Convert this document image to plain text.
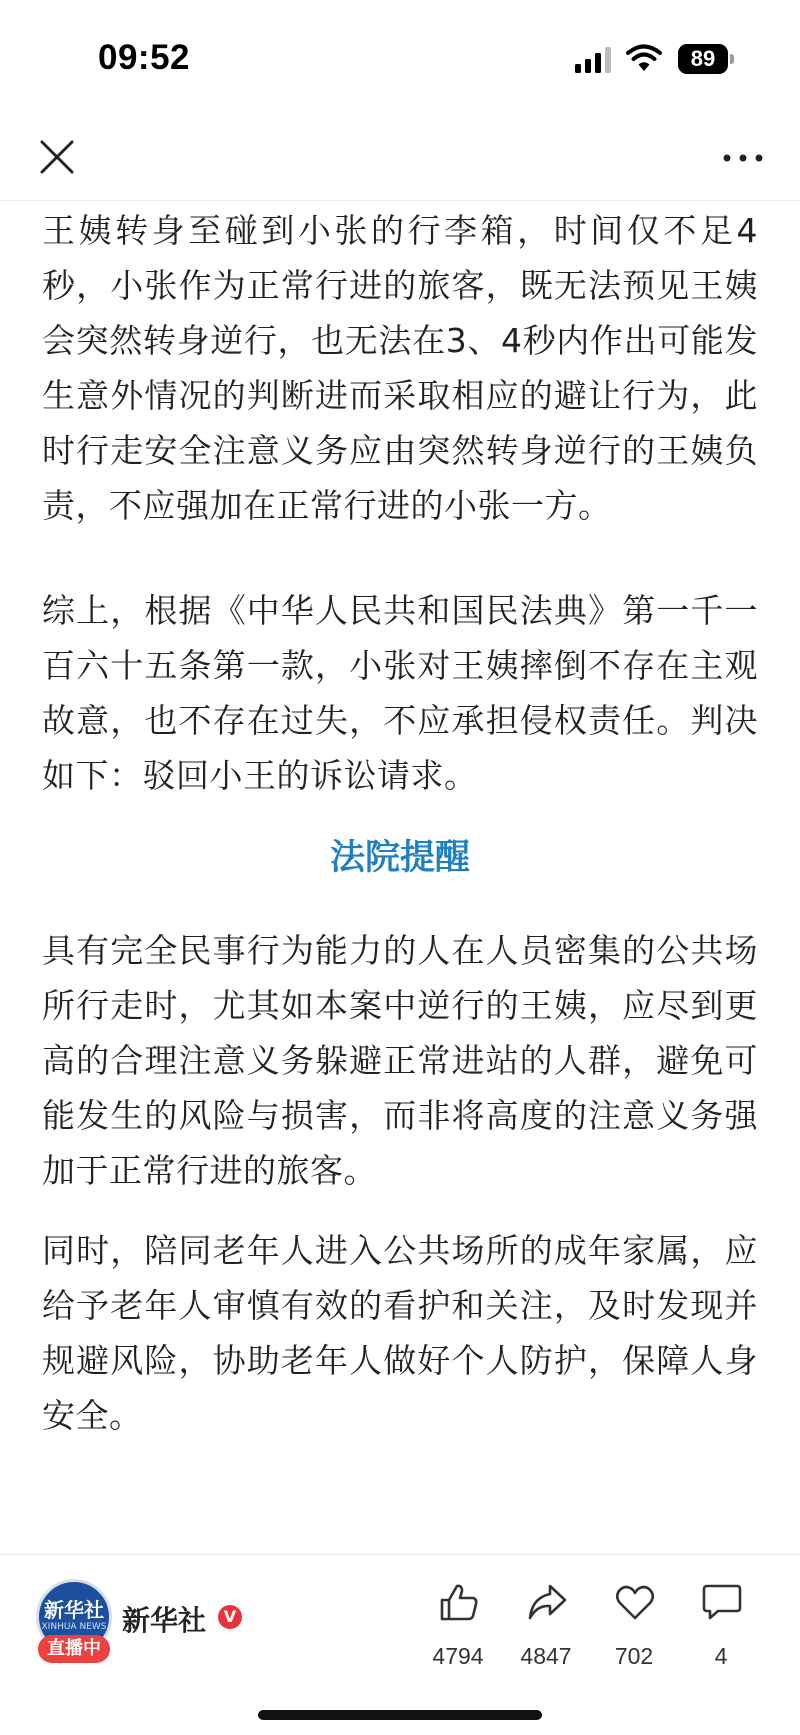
09:52	89

王姨转身至碰到小张的行李箱，时间仅不足4秒，小张作为正常行进的旅客，既无法预见王姨会突然转身逆行，也无法在3、4秒内作出可能发生意外情况的判断进而采取相应的避让行为，此时行走安全注意义务应由突然转身逆行的王姨负责，不应强加在正常行进的小张一方。

综上，根据《中华人民共和国民法典》第一千一百六十五条第一款，小张对王姨摔倒不存在主观故意，也不存在过失，不应承担侵权责任。判决如下：驳回小王的诉讼请求。

法院提醒

具有完全民事行为能力的人在人员密集的公共场所行走时，尤其如本案中逆行的王姨，应尽到更高的合理注意义务躲避正常进站的人群，避免可能发生的风险与损害，而非将高度的注意义务强加于正常行进的旅客。

同时，陪同老年人进入公共场所的成年家属，应给予老年人审慎有效的看护和关注，及时发现并规避风险，协助老年人做好个人防护，保障人身安全。

新华社
XINHUA NEWS
直播中
新华社	V
4794	4847	702	4
